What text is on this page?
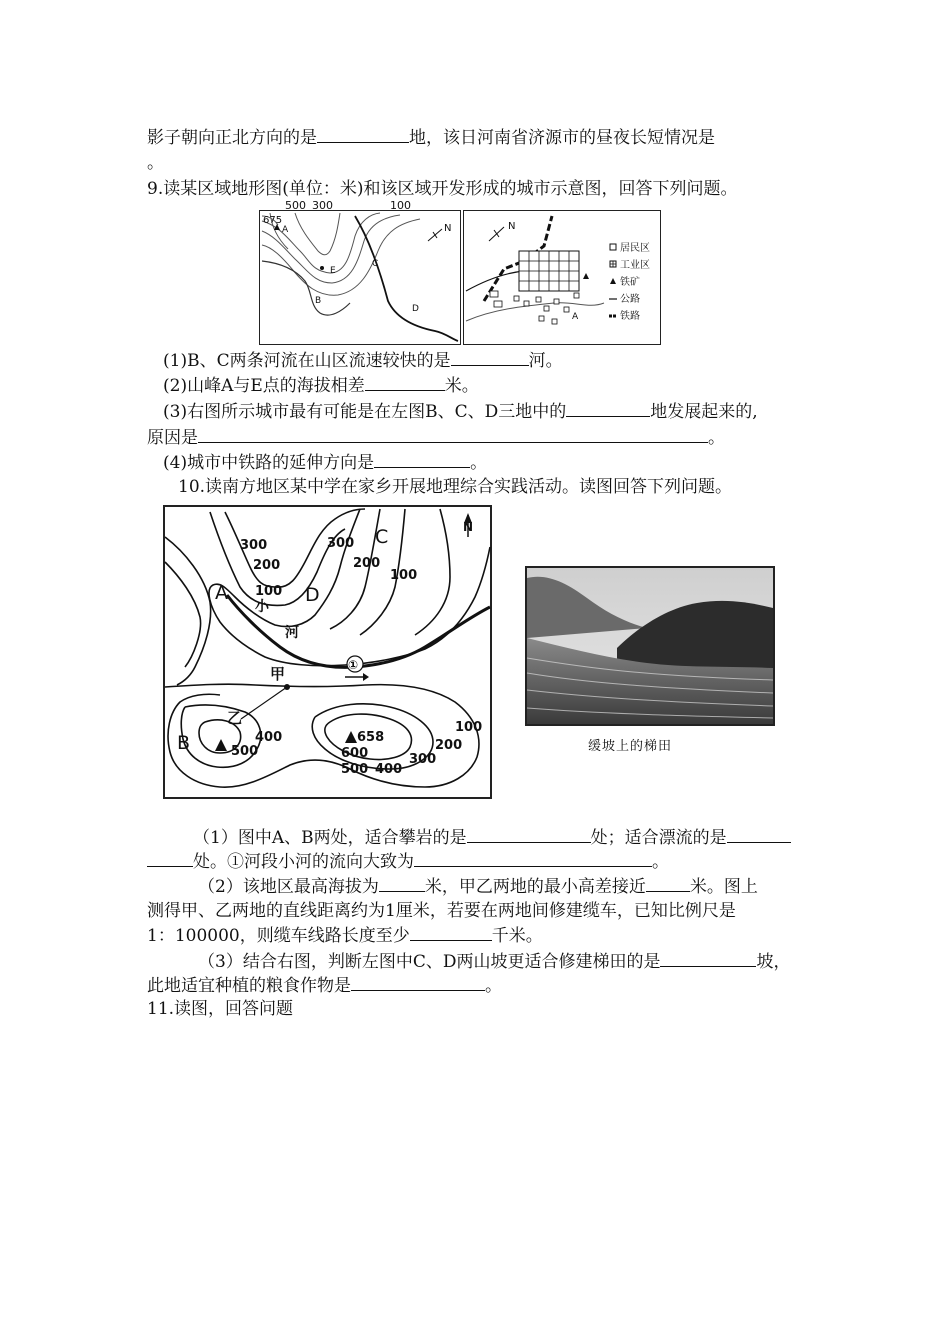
影子朝向正北方向的是	地，该日河南省济源市的昼夜长短情况是
。
9.读某区域地形图(单位：米)和该区域开发形成的城市示意图，回答下列问题。
500 300	100
675
A
E
C
B
D
N
A
N
居民区
工业区
铁矿
公路
铁路
(1)B、C两条河流在山区流速较快的是	河。
(2)山峰A与E点的海拔相差	米。
(3)右图所示城市最有可能是在左图B、C、D三地中的	地发展起来的,
原因是	。
(4)城市中铁路的延伸方向是	。
10.读南方地区某中学在家乡开展地理综合实践活动。读图回答下列问题。
300
200
100
300
200
100
400
500
658
600
500 400
300
200
100
A	D
C
B
小
河
①
甲
乙
N
缓坡上的梯田
（1）图中A、B两处，适合攀岩的是	处；适合漂流的是
处。①河段小河的流向大致为	。
（2）该地区最高海拔为	米，甲乙两地的最小高差接近	米。图上
测得甲、乙两地的直线距离约为1厘米，若要在两地间修建缆车，已知比例尺是
1：100000，则缆车线路长度至少	千米。
（3）结合右图，判断左图中C、D两山坡更适合修建梯田的是	坡，
此地适宜种植的粮食作物是	。
11.读图，回答问题
